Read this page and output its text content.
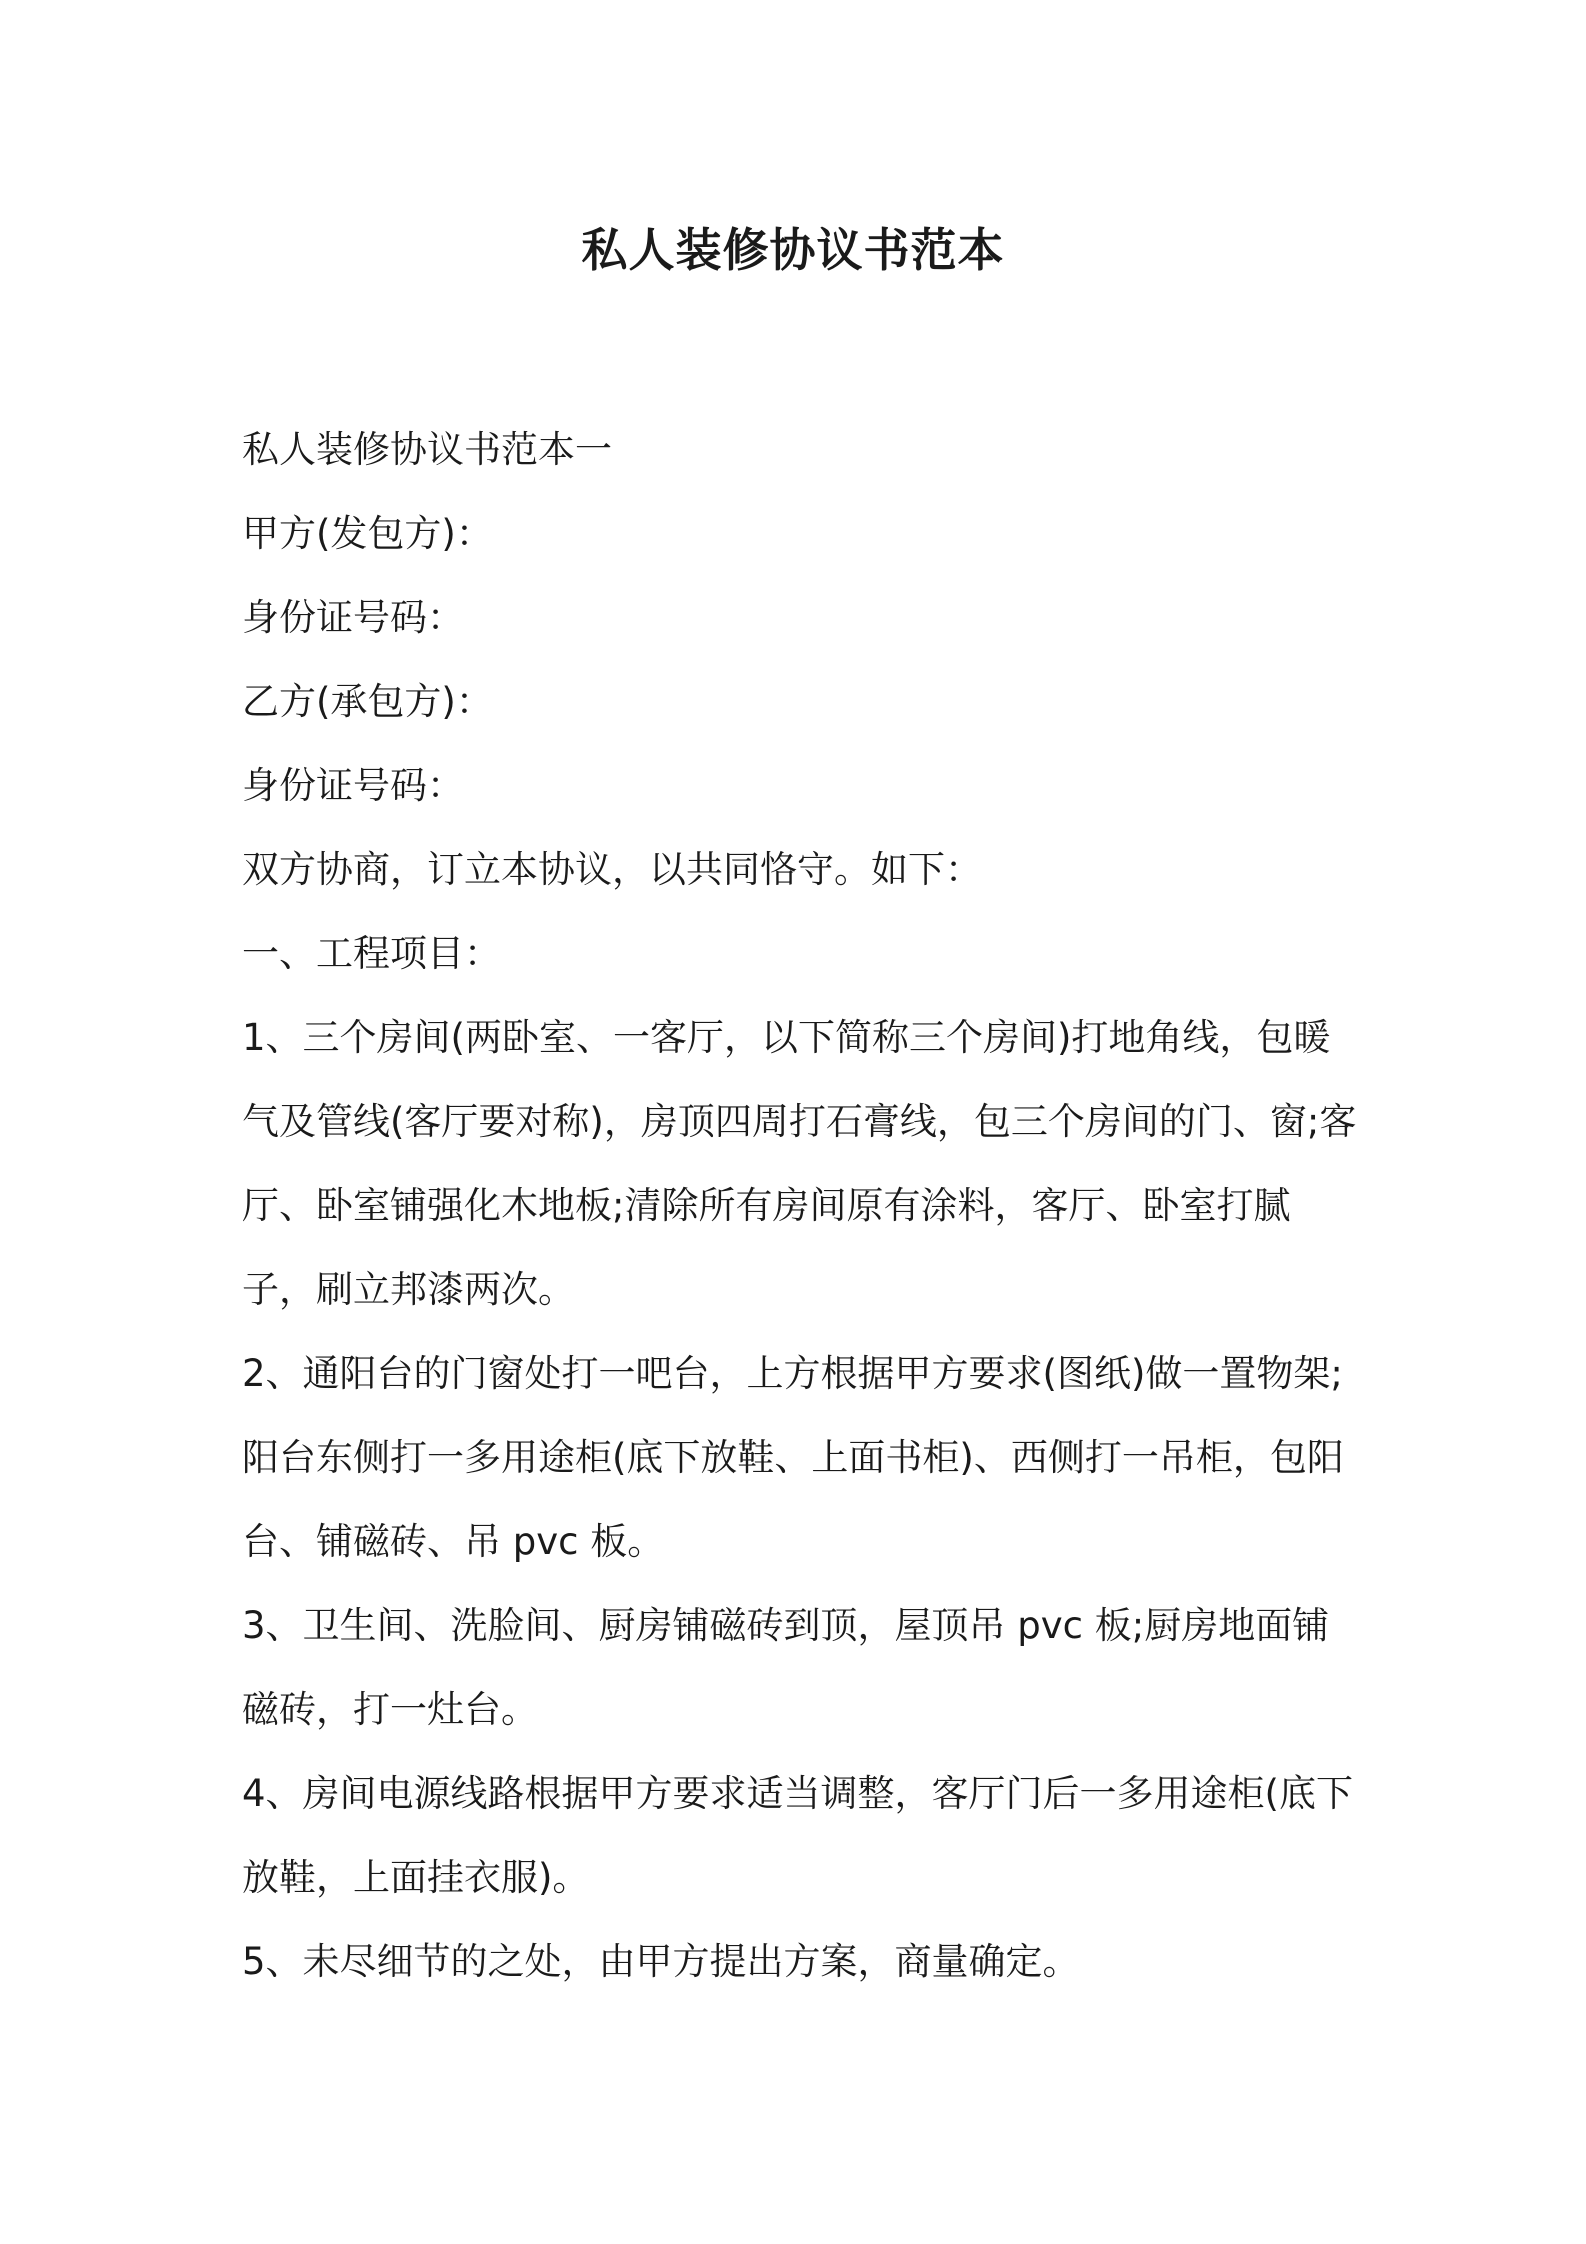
私人装修协议书范本

私人装修协议书范本一

甲方(发包方)：

身份证号码：

乙方(承包方)：

身份证号码：

双方协商，订立本协议，以共同恪守。如下：

一、工程项目：

1、三个房间(两卧室、一客厅，以下简称三个房间)打地角线，包暖气及管线(客厅要对称)，房顶四周打石膏线，包三个房间的门、窗;客厅、卧室铺强化木地板;清除所有房间原有涂料，客厅、卧室打腻子，刷立邦漆两次。

2、通阳台的门窗处打一吧台，上方根据甲方要求(图纸)做一置物架;阳台东侧打一多用途柜(底下放鞋、上面书柜)、西侧打一吊柜，包阳台、铺磁砖、吊 pvc 板。

3、卫生间、洗脸间、厨房铺磁砖到顶，屋顶吊 pvc 板;厨房地面铺磁砖，打一灶台。

4、房间电源线路根据甲方要求适当调整，客厅门后一多用途柜(底下放鞋，上面挂衣服)。

5、未尽细节的之处，由甲方提出方案，商量确定。
